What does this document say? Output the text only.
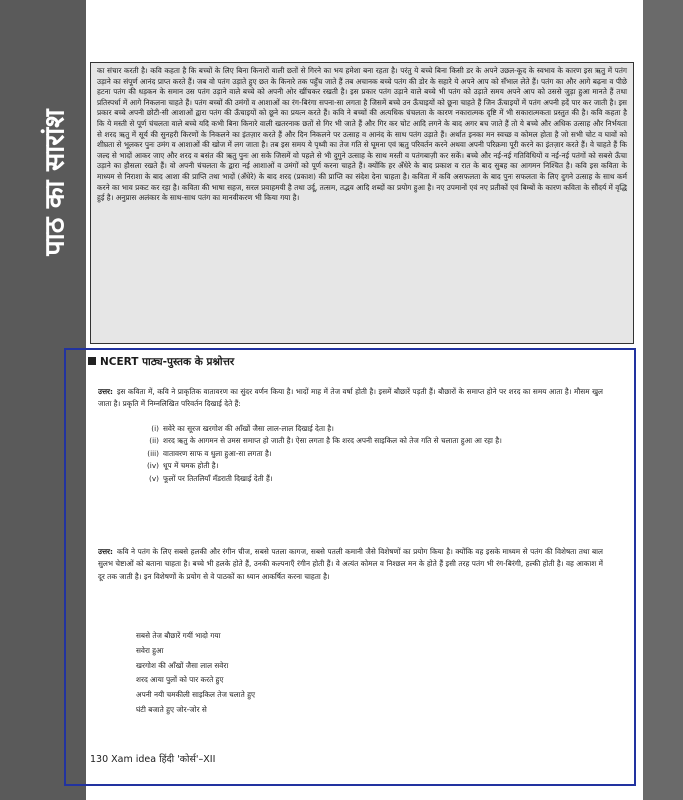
पाठ का सारांश
का संचार करती है। कवि कहता है कि बच्चों के लिए बिना किनारों वाली छतों से गिरने का भय हमेशा बना रहता है। परंतु ये बच्चे बिना किसी डर के अपने उछल-कूद के स्वभाव के कारण इस ऋतु में पतंग उड़ाने का संपूर्ण आनंद प्राप्त करते हैं। जब वो पतंग उड़ाते हुए छत के किनारे तक पहुँच जाते हैं तब अचानक बच्चे पतंग की डोर के सहारे ये अपने आप को सँभाल लेते हैं। पतंग का और आगे बढ़ना व पीछे हटना पतंग की धड़कन के समान उस पतंग उड़ाने वाले बच्चे को अपनी ओर खींचकर रखती है। इस प्रकार पतंग उड़ाने वाले बच्चे भी पतंग को उड़ाते समय अपने आप को उससे जुड़ा हुआ मानते हैं तथा प्रतिस्पर्धा में आगे निकलना चाहते हैं। पतंग बच्चों की उमंगों व आशाओं का रंग-बिरंगा सपना-सा लगता है जिसमें बच्चे उन ऊँचाइयों को छूना चाहते हैं जिन ऊँचाइयों में पतंग अपनी हदें पार कर जाती है। इस प्रकार बच्चे अपनी छोटी-सी आशाओं द्वारा पतंग की ऊँचाइयों को छूने का प्रयत्न करते हैं। कवि ने बच्चों की अत्यधिक चंचलता के कारण नकारात्मक दृष्टि में भी सकारात्मकता प्रस्तुत की है। कवि कहता है कि ये मस्ती से पूर्ण चंचलता वाले बच्चे यदि कभी बिना किनारे वाली खतरनाक छतों से गिर भी जाते हैं और गिर कर चोट आदि लगने के बाद अगर बच जाते हैं तो ये बच्चे और अधिक उत्साह और निर्भयता से शरद ऋतु में सूर्य की सुनहरी किरणों के निकलने का इंतज़ार करते हैं और दिन निकलने पर उत्साह व आनंद के साथ पतंग उड़ाते हैं। अर्थात इनका मन स्वच्छ व कोमल होता है जो सभी चोट व घावों को शीघ्रता से भूलकर पुनः उमंग व आशाओं की खोज में लग जाता है। तब इस समय ये पृथ्वी का तेज गति से घूमना एवं ऋतु परिवर्तन करने अथवा अपनी परिक्रमा पूरी करने का इंतज़ार करते हैं। वे चाहते हैं कि जल्द से भादों आकर जाए और शरद व बसंत की ऋतु पुनः आ सके जिसमें वो पहले से भी दुगुने उत्साह के साथ मस्ती व पतंगबाज़ी कर सकें। बच्चे और नई-नई गतिविधियों व नई-नई पतंगों को सबसे ऊँचा उड़ाने का हौसला रखते हैं। वो अपनी चंचलता के द्वारा नई आशाओं व उमंगों को पूर्ण करना चाहते हैं। क्योंकि हर अँधेरे के बाद प्रकाश व रात के बाद सुबह का आगमन निश्चित है। कवि इस कविता के माध्यम से निराशा के बाद आशा की प्राप्ति तथा भादों (अँधेरे) के बाद शरद (प्रकाश) की प्राप्ति का संदेश देना चाहता है। कविता में कवि असफलता के बाद पुनः सफलता के लिए दुगने उत्साह के साथ कर्म करने का भाव प्रकट कर रहा है। कविता की भाषा सहज, सरल प्रवाहमयी है तथा उर्दू, तत्सम, तद्भव आदि शब्दों का प्रयोग हुआ है। नए उपमानों एवं नए प्रतीकों एवं बिम्बों के कारण कविता के सौंदर्य में वृद्धि हुई है। अनुप्रास अलंकार के साथ-साथ पतंग का मानवीकरण भी किया गया है।
NCERT पाठ्य-पुस्तक के प्रश्नोत्तर
उत्तर: इस कविता में, कवि ने प्राकृतिक वातावरण का सुंदर वर्णन किया है। भादों माह में तेज वर्षा होती है। इसमें बौछारें पड़ती हैं। बौछारों के समाप्त होने पर शरद का समय आता है। मौसम खुल जाता है। प्रकृति में निम्नलिखित परिवर्तन दिखाई देते हैं:
(i) सवेरे का सूरज खरगोश की आँखों जैसा लाल-लाल दिखाई देता है।
(ii) शरद ऋतु के आगमन से उमस समाप्त हो जाती है। ऐसा लगता है कि शरद अपनी साइकिल को तेज गति से चलाता हुआ आ रहा है।
(iii) वातावरण साफ व धुला हुआ-सा लगता है।
(iv) धूप में चमक होती है।
(v) फूलों पर तितलियाँ मँडराती दिखाई देती हैं।
उत्तर: कवि ने पतंग के लिए सबसे हलकी और रंगीन चीज, सबसे पतला कागज, सबसे पतली कमानी जैसे विशेषणों का प्रयोग किया है। क्योंकि वह इसके माध्यम से पतंग की विशेषता तथा बाल सुलभ चेष्टाओं को बताना चाहता है। बच्चे भी हलके होते हैं, उनकी कल्पनाएँ रंगीन होती हैं। वे अत्यंत कोमल व निश्छल मन के होते हैं इसी तरह पतंग भी रंग-बिरंगी, हल्की होती है। वह आकाश में दूर तक जाती है। इन विशेषणों के प्रयोग से वे पाठकों का ध्यान आकर्षित करना चाहता है।
सबसे तेज बौछारें गयीं भादो गया
सवेरा हुआ
खरगोश की आँखों जैसा लाल सवेरा
शरद आया पुलों को पार करते हुए
अपनी नयी चमकीली साइकिल तेज चलाते हुए
घंटी बजाते हुए जोर-जोर से
130 Xam idea हिंदी 'कोर्स'–XII
